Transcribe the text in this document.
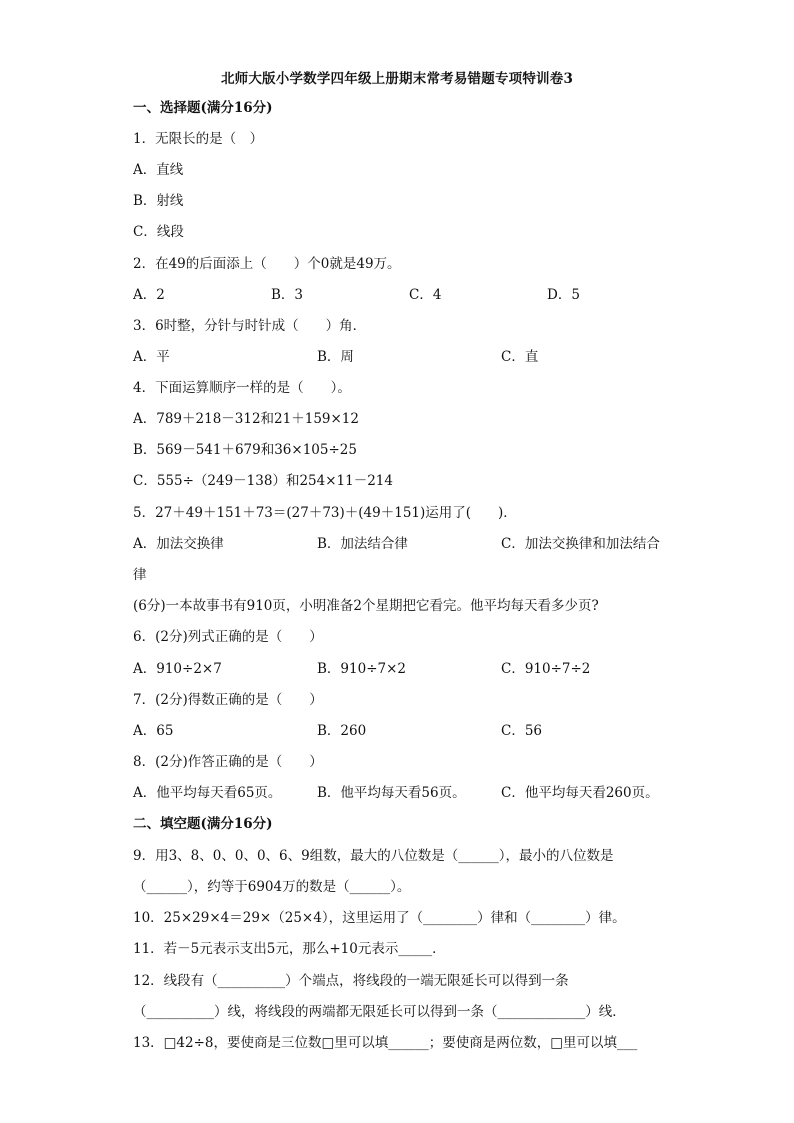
北师大版小学数学四年级上册期末常考易错题专项特训卷3
一、选择题(满分16分)
1．无限长的是（　）
A．直线
B．射线
C．线段
2．在49的后面添上（　　）个0就是49万。
A．2	B．3	C．4	D．5
3．6时整，分针与时针成（　　）角．
A．平	B．周	C．直
4．下面运算顺序一样的是（　　）。
A．789＋218－312和21＋159×12
B．569－541＋679和36×105÷25
C．555÷（249－138）和254×11－214
5．27＋49＋151＋73＝(27＋73)＋(49＋151)运用了(　　)．
A．加法交换律	B．加法结合律	C．加法交换律和加法结合
律
(6分)一本故事书有910页，小明准备2个星期把它看完。他平均每天看多少页?
6．(2分)列式正确的是（　　）
A．910÷2×7	B．910÷7×2	C．910÷7÷2
7．(2分)得数正确的是（　　）
A．65	B．260	C．56
8．(2分)作答正确的是（　　）
A．他平均每天看65页。	B．他平均每天看56页。	C．他平均每天看260页。
二、填空题(满分16分)
9．用3、8、0、0、0、6、9组数，最大的八位数是（______），最小的八位数是
（______），约等于6904万的数是（______）。
10．25×29×4＝29×（25×4），这里运用了（________）律和（________）律。
11．若－5元表示支出5元，那么+10元表示_____．
12．线段有（__________）个端点，将线段的一端无限延长可以得到一条
（__________）线，将线段的两端都无限延长可以得到一条（_____________）线．
13．□42÷8，要使商是三位数□里可以填______；要使商是两位数，□里可以填___
